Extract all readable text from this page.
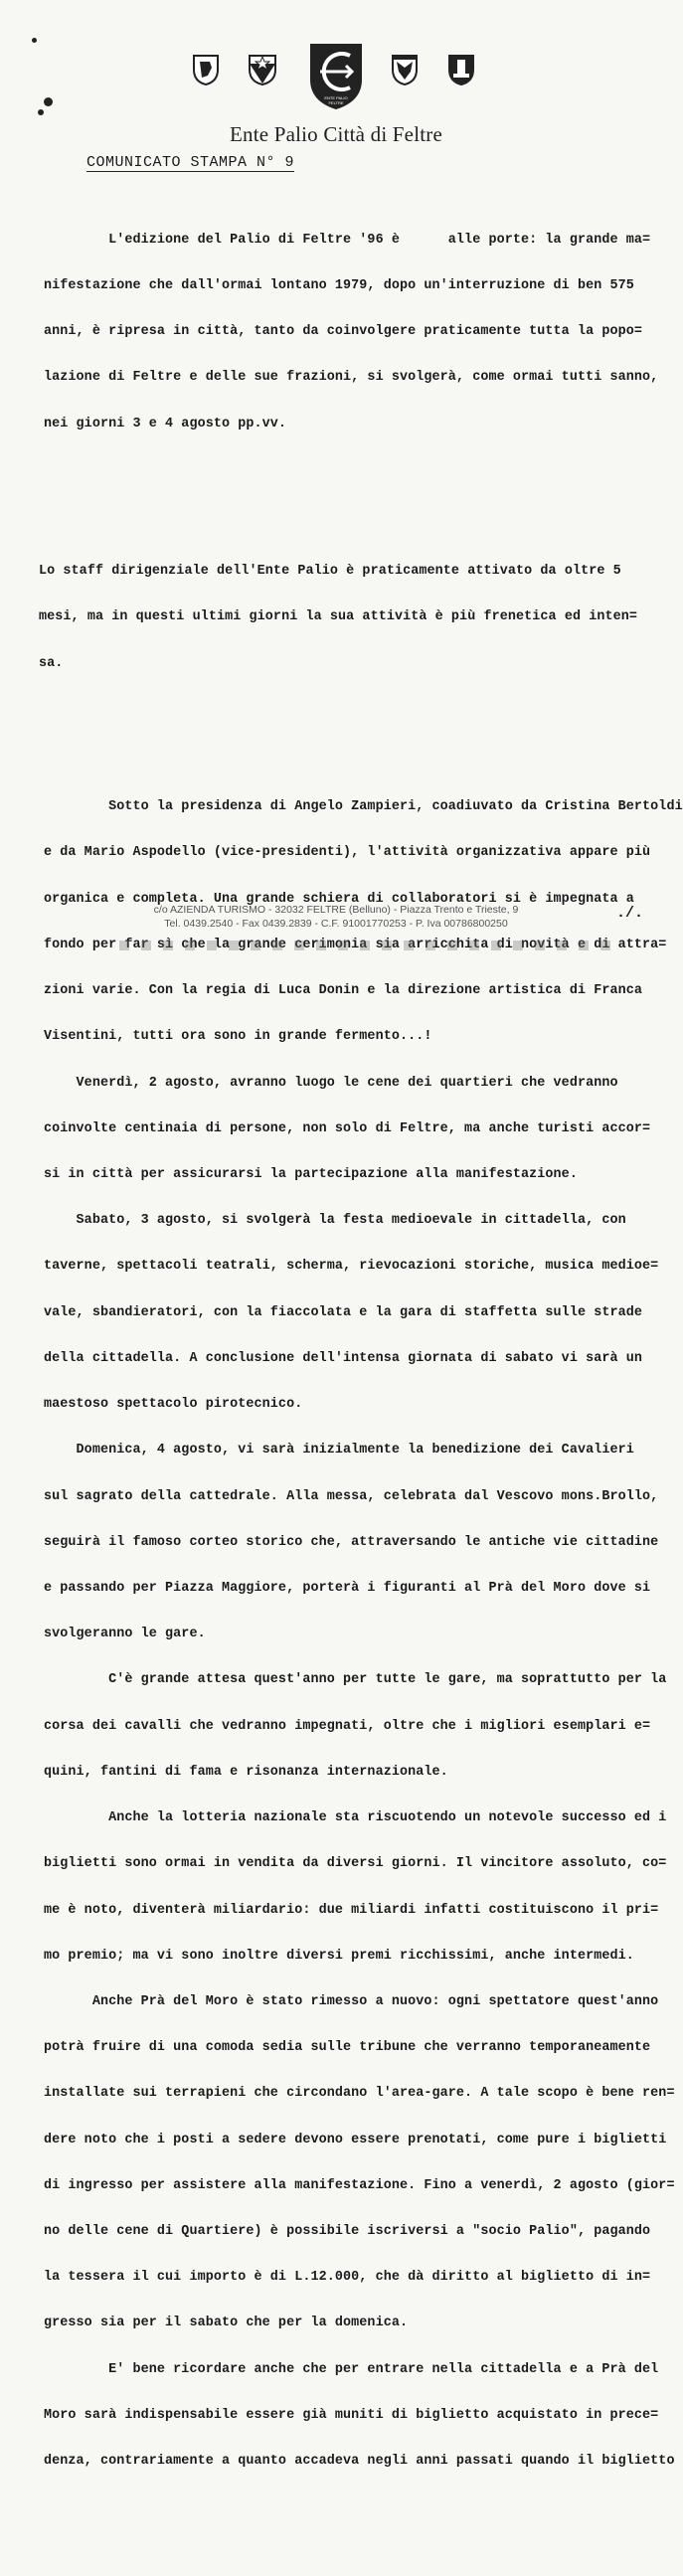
ENTE PALIO FELTRE
Ente Palio Città di Feltre
COMUNICATO STAMPA N° 9

L'edizione del Palio di Feltre '96 è      alle porte: la grande ma=

nifestazione che dall'ormai lontano 1979, dopo un'interruzione di ben 575

anni, è ripresa in città, tanto da coinvolgere praticamente tutta la popo=

lazione di Feltre e delle sue frazioni, si svolgerà, come ormai tutti sanno,

nei giorni 3 e 4 agosto pp.vv.

Lo staff dirigenziale dell'Ente Palio è praticamente attivato da oltre 5

mesi, ma in questi ultimi giorni la sua attività è più frenetica ed inten=

sa.

Sotto la presidenza di Angelo Zampieri, coadiuvato da Cristina Bertoldi

e da Mario Aspodello (vice-presidenti), l'attività organizzativa appare più

organica e completa. Una grande schiera di collaboratori si è impegnata a

fondo per far sì che la grande cerimonia sia arricchita di novità e di attra=

zioni varie. Con la regia di Luca Donin e la direzione artistica di Franca

Visentini, tutti ora sono in grande fermento...!

Venerdì, 2 agosto, avranno luogo le cene dei quartieri che vedranno

coinvolte centinaia di persone, non solo di Feltre, ma anche turisti accor=

si in città per assicurarsi la partecipazione alla manifestazione.

Sabato, 3 agosto, si svolgerà la festa medioevale in cittadella, con

taverne, spettacoli teatrali, scherma, rievocazioni storiche, musica medioe=

vale, sbandieratori, con la fiaccolata e la gara di staffetta sulle strade

della cittadella. A conclusione dell'intensa giornata di sabato vi sarà un

maestoso spettacolo pirotecnico.

Domenica, 4 agosto, vi sarà inizialmente la benedizione dei Cavalieri

sul sagrato della cattedrale. Alla messa, celebrata dal Vescovo mons.Brollo,

seguirà il famoso corteo storico che, attraversando le antiche vie cittadine

e passando per Piazza Maggiore, porterà i figuranti al Prà del Moro dove si

svolgeranno le gare.

C'è grande attesa quest'anno per tutte le gare, ma soprattutto per la

corsa dei cavalli che vedranno impegnati, oltre che i migliori esemplari e=

quini, fantini di fama e risonanza internazionale.

Anche la lotteria nazionale sta riscuotendo un notevole successo ed i

biglietti sono ormai in vendita da diversi giorni. Il vincitore assoluto, co=

me è noto, diventerà miliardario: due miliardi infatti costituiscono il pri=

mo premio; ma vi sono inoltre diversi premi ricchissimi, anche intermedi.

Anche Prà del Moro è stato rimesso a nuovo: ogni spettatore quest'anno

potrà fruire di una comoda sedia sulle tribune che verranno temporaneamente

installate sui terrapieni che circondano l'area-gare. A tale scopo è bene ren=

dere noto che i posti a sedere devono essere prenotati, come pure i biglietti

di ingresso per assistere alla manifestazione. Fino a venerdì, 2 agosto (gior=

no delle cene di Quartiere) è possibile iscriversi a "socio Palio", pagando

la tessera il cui importo è di L.12.000, che dà diritto al biglietto di in=

gresso sia per il sabato che per la domenica.

E' bene ricordare anche che per entrare nella cittadella e a Prà del

Moro sarà indispensabile essere già muniti di biglietto acquistato in prece=

denza, contrariamente a quanto accadeva negli anni passati quando il biglietto

c/o AZIENDA TURISMO - 32032 FELTRE (Belluno) - Piazza Trento e Trieste, 9
Tel. 0439.2540 - Fax 0439.2839 - C.F. 91001770253 - P. Iva 00786800250
./.
